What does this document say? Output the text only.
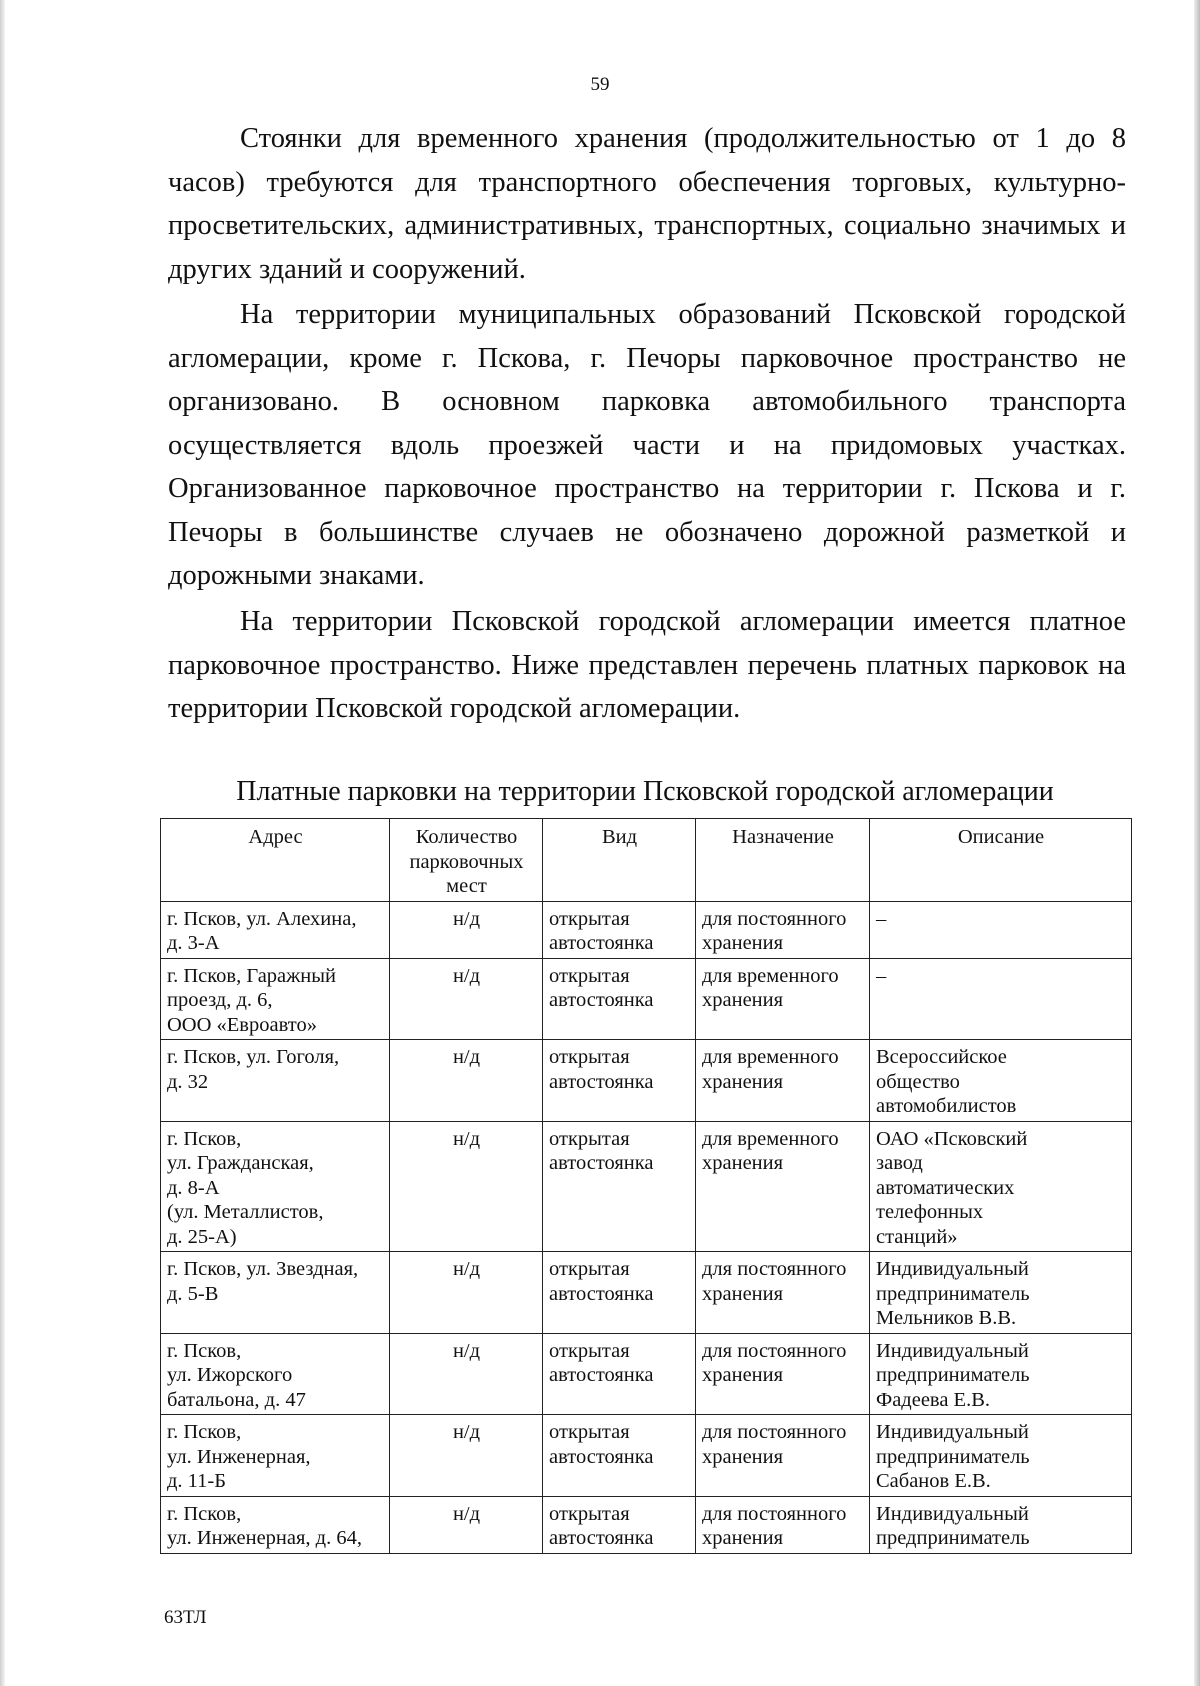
59

Стоянки для временного хранения (продолжительностью от 1 до 8 часов) требуются для транспортного обеспечения торговых, культурно-просветительских, административных, транспортных, социально значимых и других зданий и сооружений.

На территории муниципальных образований Псковской городской агломерации, кроме г. Пскова, г. Печоры парковочное пространство не организовано. В основном парковка автомобильного транспорта осуществляется вдоль проезжей части и на придомовых участках. Организованное парковочное пространство на территории г. Пскова и г. Печоры в большинстве случаев не обозначено дорожной разметкой и дорожными знаками.

На территории Псковской городской агломерации имеется платное парковочное пространство. Ниже представлен перечень платных парковок на территории Псковской городской агломерации.

Платные парковки на территории Псковской городской агломерации
Адрес	Количество
парковочных
мест	Вид	Назначение	Описание

г. Псков, ул. Алехина,
д. 3-А	н/д	открытая
автостоянка	для постоянного
хранения	–

г. Псков, Гаражный
проезд, д. 6,
ООО «Евроавто»	н/д	открытая
автостоянка	для временного
хранения	–

г. Псков, ул. Гоголя,
д. 32	н/д	открытая
автостоянка	для временного
хранения	Всероссийское
общество
автомобилистов

г. Псков,
ул. Гражданская,
д. 8-А
(ул. Металлистов,
д. 25-А)	н/д	открытая
автостоянка	для временного
хранения	ОАО «Псковский
завод
автоматических
телефонных
станций»

г. Псков, ул. Звездная,
д. 5-В	н/д	открытая
автостоянка	для постоянного
хранения	Индивидуальный
предприниматель
Мельников В.В.

г. Псков,
ул. Ижорского
батальона, д. 47	н/д	открытая
автостоянка	для постоянного
хранения	Индивидуальный
предприниматель
Фадеева Е.В.

г. Псков,
ул. Инженерная,
д. 11-Б	н/д	открытая
автостоянка	для постоянного
хранения	Индивидуальный
предприниматель
Сабанов Е.В.

г. Псков,
ул. Инженерная, д. 64,	н/д	открытая
автостоянка	для постоянного
хранения	Индивидуальный
предприниматель
63ТЛ
